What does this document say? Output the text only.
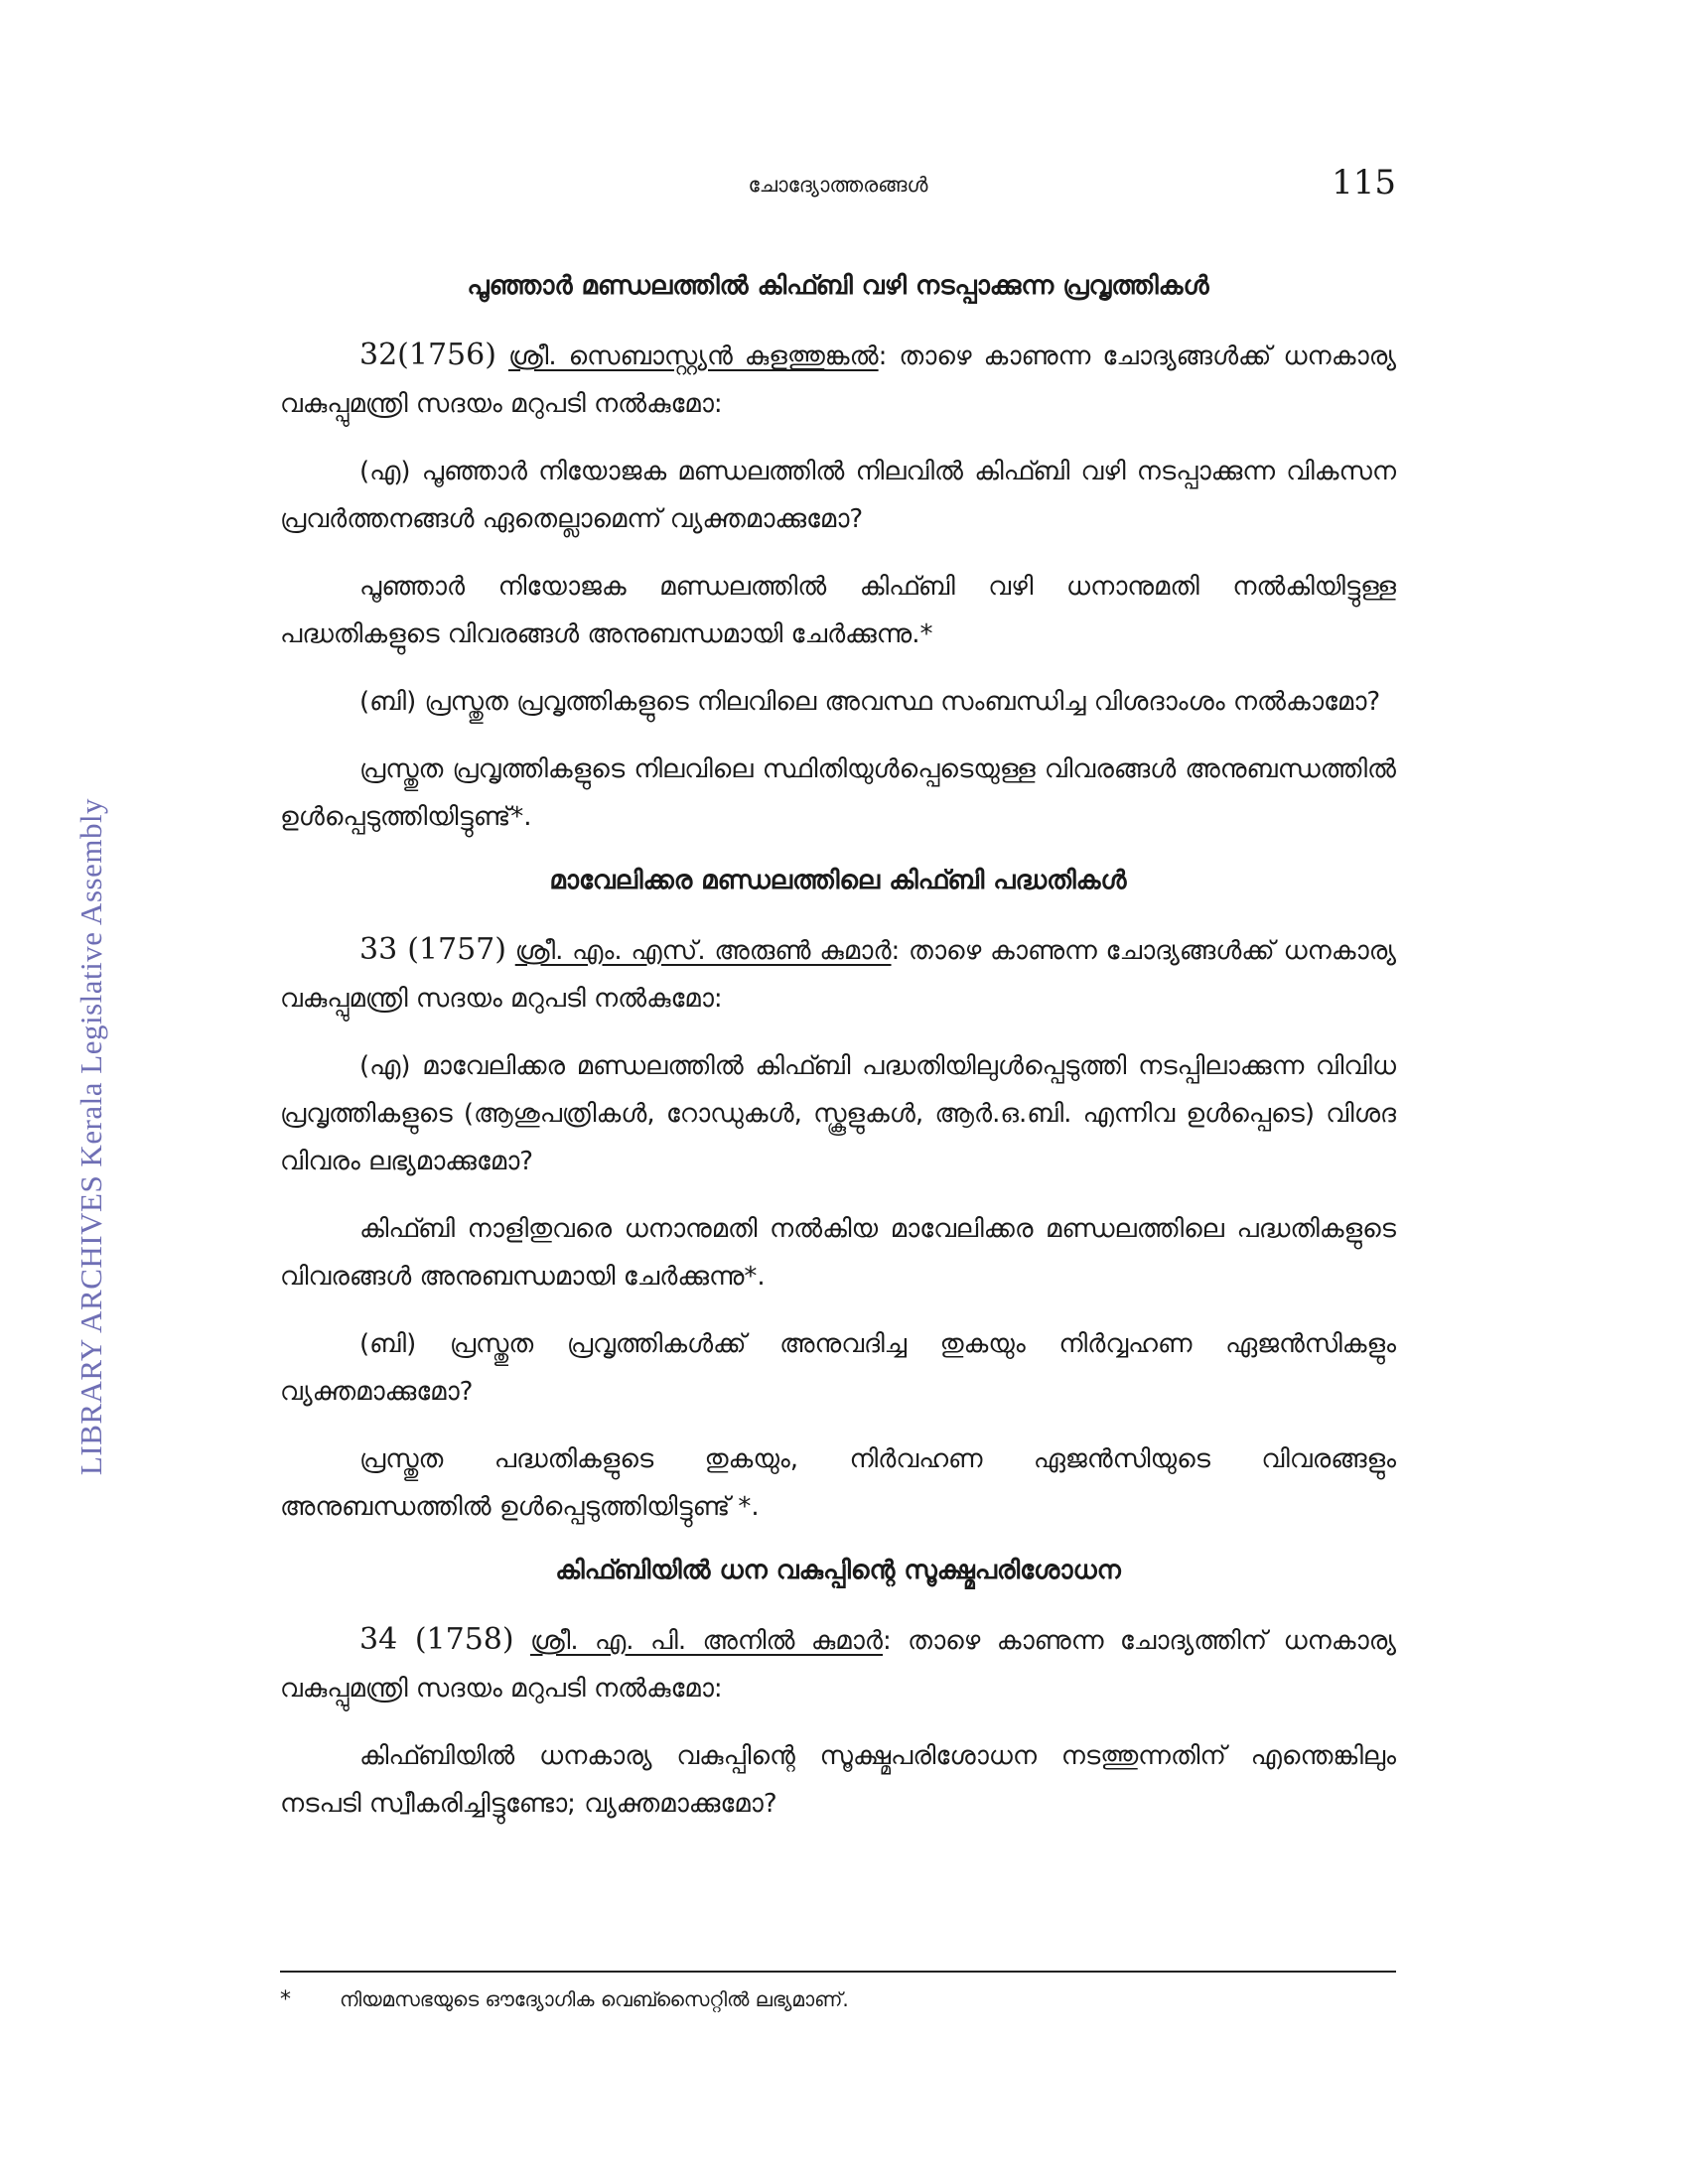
ചോദ്യോത്തരങ്ങൾ	115
LIBRARY ARCHIVES Kerala Legislative Assembly
പൂഞ്ഞാർ മണ്ഡലത്തിൽ കിഫ്ബി വഴി നടപ്പാക്കുന്ന പ്രവൃത്തികൾ

32(1756) ശ്രീ. സെബാസ്റ്റ്യൻ കുളത്തുങ്കൽ: താഴെ കാണുന്ന ചോദ്യങ്ങൾക്ക് ധനകാര്യ വകുപ്പുമന്ത്രി സദയം മറുപടി നൽകുമോ:

(എ) പൂഞ്ഞാർ നിയോജക മണ്ഡലത്തിൽ നിലവിൽ കിഫ്ബി വഴി നടപ്പാക്കുന്ന വികസന പ്രവർത്തനങ്ങൾ ഏതെല്ലാമെന്ന് വ്യക്തമാക്കുമോ?

പൂഞ്ഞാർ നിയോജക മണ്ഡലത്തിൽ കിഫ്ബി വഴി ധനാനുമതി നൽകിയിട്ടുള്ള പദ്ധതികളുടെ വിവരങ്ങൾ അനുബന്ധമായി ചേർക്കുന്നു.*

(ബി) പ്രസ്തുത പ്രവൃത്തികളുടെ നിലവിലെ അവസ്ഥ സംബന്ധിച്ച വിശദാംശം നൽകാമോ?

പ്രസ്തുത പ്രവൃത്തികളുടെ നിലവിലെ സ്ഥിതിയുൾപ്പെടെയുള്ള വിവരങ്ങൾ അനുബന്ധത്തിൽ ഉൾപ്പെടുത്തിയിട്ടുണ്ട്*.

മാവേലിക്കര മണ്ഡലത്തിലെ കിഫ്ബി പദ്ധതികൾ

33 (1757) ശ്രീ. എം. എസ്. അരുൺ കുമാർ: താഴെ കാണുന്ന ചോദ്യങ്ങൾക്ക് ധനകാര്യ വകുപ്പുമന്ത്രി സദയം മറുപടി നൽകുമോ:

(എ) മാവേലിക്കര മണ്ഡലത്തിൽ കിഫ്ബി പദ്ധതിയിലുൾപ്പെടുത്തി നടപ്പിലാക്കുന്ന വിവിധ പ്രവൃത്തികളുടെ (ആശുപത്രികൾ, റോഡുകൾ, സ്കൂളുകൾ, ആർ.ഒ.ബി. എന്നിവ ഉൾപ്പെടെ) വിശദ വിവരം ലഭ്യമാക്കുമോ?

കിഫ്ബി നാളിതുവരെ ധനാനുമതി നൽകിയ മാവേലിക്കര മണ്ഡലത്തിലെ പദ്ധതികളുടെ വിവരങ്ങൾ അനുബന്ധമായി ചേർക്കുന്നു*.

(ബി) പ്രസ്തുത പ്രവൃത്തികൾക്ക് അനുവദിച്ച തുകയും നിർവ്വഹണ ഏജൻസികളും വ്യക്തമാക്കുമോ?

പ്രസ്തുത പദ്ധതികളുടെ തുകയും, നിർവഹണ ഏജൻസിയുടെ വിവരങ്ങളും അനുബന്ധത്തിൽ ഉൾപ്പെടുത്തിയിട്ടുണ്ട് *.

കിഫ്ബിയിൽ ധന വകുപ്പിന്റെ സൂക്ഷ്മപരിശോധന

34 (1758) ശ്രീ. എ. പി. അനിൽ കുമാർ: താഴെ കാണുന്ന ചോദ്യത്തിന് ധനകാര്യ വകുപ്പുമന്ത്രി സദയം മറുപടി നൽകുമോ:

കിഫ്ബിയിൽ ധനകാര്യ വകുപ്പിന്റെ സൂക്ഷ്മപരിശോധന നടത്തുന്നതിന് എന്തെങ്കിലും നടപടി സ്വീകരിച്ചിട്ടുണ്ടോ; വ്യക്തമാക്കുമോ?

* നിയമസഭയുടെ ഔദ്യോഗിക വെബ്സൈറ്റിൽ ലഭ്യമാണ്.
